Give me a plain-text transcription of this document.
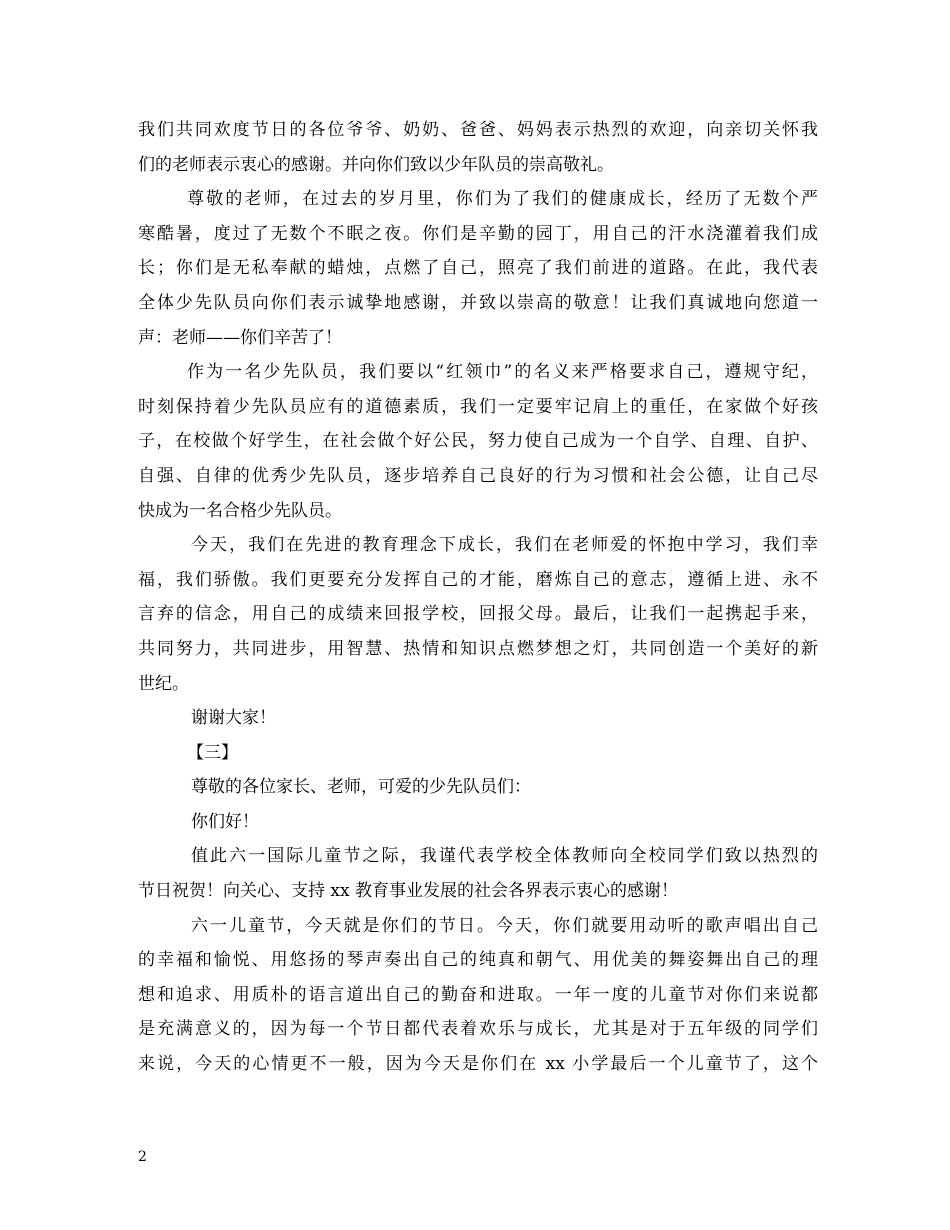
我们共同欢度节日的各位爷爷、奶奶、爸爸、妈妈表示热烈的欢迎，向亲切关怀我
们的老师表示衷心的感谢。并向你们致以少年队员的崇高敬礼。
尊敬的老师，在过去的岁月里，你们为了我们的健康成长，经历了无数个严
寒酷暑，度过了无数个不眠之夜。你们是辛勤的园丁，用自己的汗水浇灌着我们成
长；你们是无私奉献的蜡烛，点燃了自己，照亮了我们前进的道路。在此，我代表
全体少先队员向你们表示诚挚地感谢，并致以崇高的敬意！让我们真诚地向您道一
声：老师——你们辛苦了！
作为一名少先队员，我们要以“红领巾”的名义来严格要求自己，遵规守纪，
时刻保持着少先队员应有的道德素质，我们一定要牢记肩上的重任，在家做个好孩
子，在校做个好学生，在社会做个好公民，努力使自己成为一个自学、自理、自护、
自强、自律的优秀少先队员，逐步培养自己良好的行为习惯和社会公德，让自己尽
快成为一名合格少先队员。
今天，我们在先进的教育理念下成长，我们在老师爱的怀抱中学习，我们幸
福，我们骄傲。我们更要充分发挥自己的才能，磨炼自己的意志，遵循上进、永不
言弃的信念，用自己的成绩来回报学校，回报父母。最后，让我们一起携起手来，
共同努力，共同进步，用智慧、热情和知识点燃梦想之灯，共同创造一个美好的新
世纪。
谢谢大家！
【三】
尊敬的各位家长、老师，可爱的少先队员们：
你们好！
值此六一国际儿童节之际，我谨代表学校全体教师向全校同学们致以热烈的
节日祝贺！向关心、支持 xx 教育事业发展的社会各界表示衷心的感谢！
六一儿童节，今天就是你们的节日。今天，你们就要用动听的歌声唱出自己
的幸福和愉悦、用悠扬的琴声奏出自己的纯真和朝气、用优美的舞姿舞出自己的理
想和追求、用质朴的语言道出自己的勤奋和进取。一年一度的儿童节对你们来说都
是充满意义的，因为每一个节日都代表着欢乐与成长，尤其是对于五年级的同学们
来说，今天的心情更不一般，因为今天是你们在 xx 小学最后一个儿童节了，这个
2
